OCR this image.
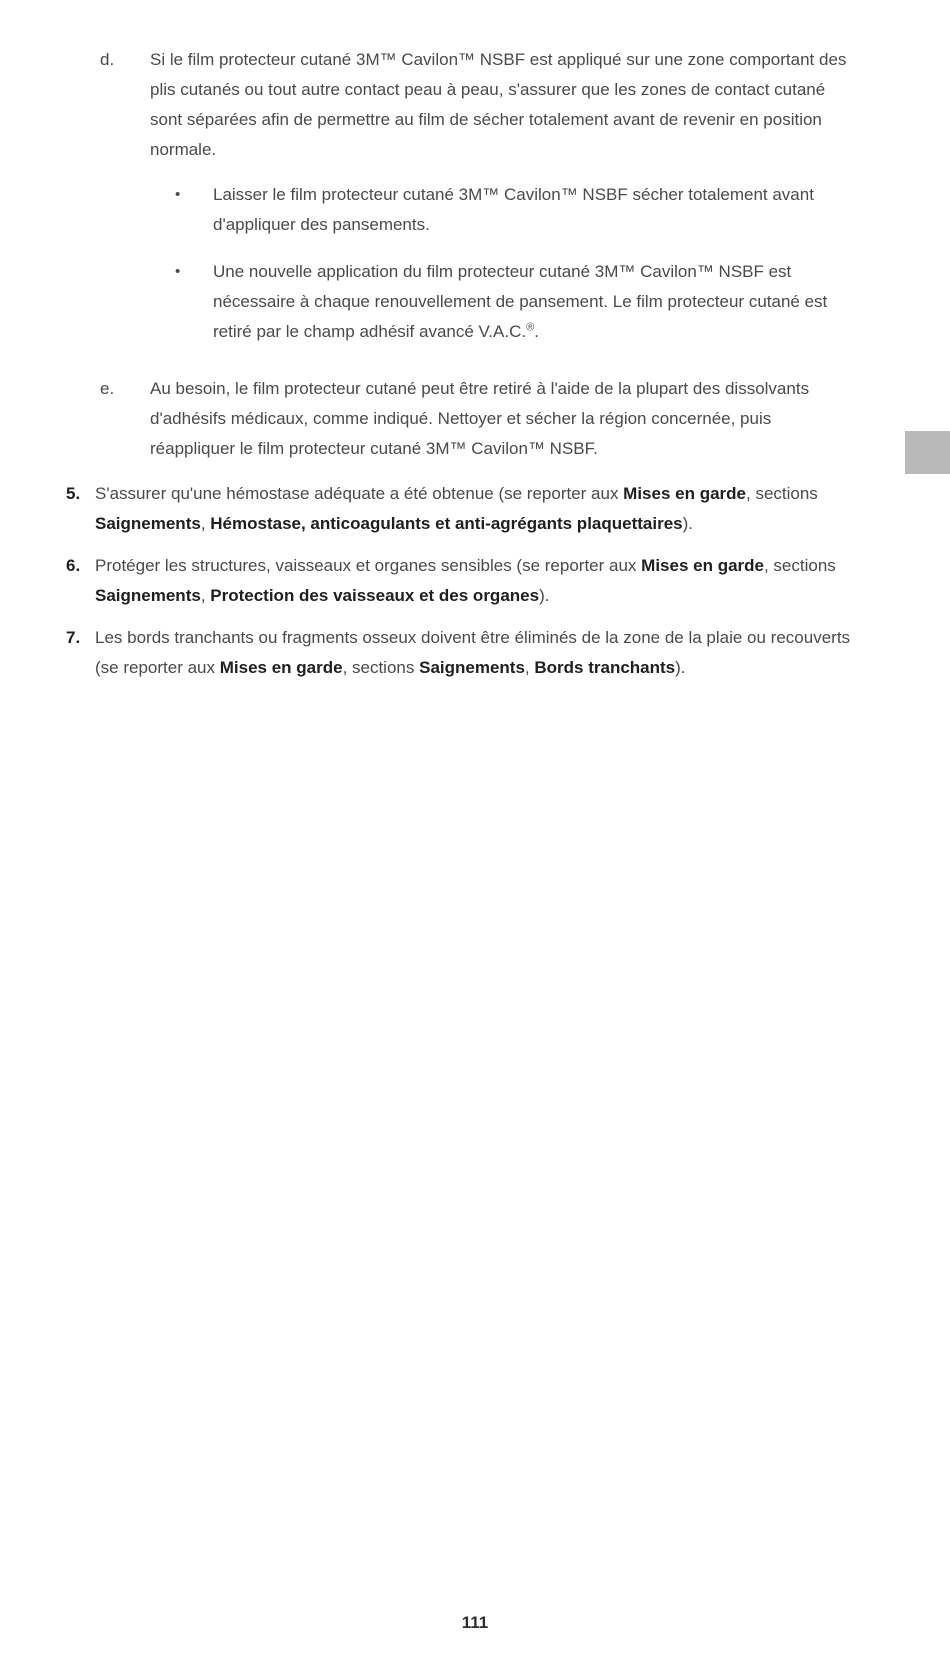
d.	Si le film protecteur cutané 3M™ Cavilon™ NSBF est appliqué sur une zone comportant des plis cutanés ou tout autre contact peau à peau, s'assurer que les zones de contact cutané sont séparées afin de permettre au film de sécher totalement avant de revenir en position normale.
•	Laisser le film protecteur cutané 3M™ Cavilon™ NSBF sécher totalement avant d'appliquer des pansements.
•	Une nouvelle application du film protecteur cutané 3M™ Cavilon™ NSBF est nécessaire à chaque renouvellement de pansement. Le film protecteur cutané est retiré par le champ adhésif avancé V.A.C.®.
e.	Au besoin, le film protecteur cutané peut être retiré à l'aide de la plupart des dissolvants d'adhésifs médicaux, comme indiqué. Nettoyer et sécher la région concernée, puis réappliquer le film protecteur cutané 3M™ Cavilon™ NSBF.
5. S'assurer qu'une hémostase adéquate a été obtenue (se reporter aux Mises en garde, sections Saignements, Hémostase, anticoagulants et anti-agrégants plaquettaires).
6. Protéger les structures, vaisseaux et organes sensibles (se reporter aux Mises en garde, sections Saignements, Protection des vaisseaux et des organes).
7. Les bords tranchants ou fragments osseux doivent être éliminés de la zone de la plaie ou recouverts (se reporter aux Mises en garde, sections Saignements, Bords tranchants).
111
